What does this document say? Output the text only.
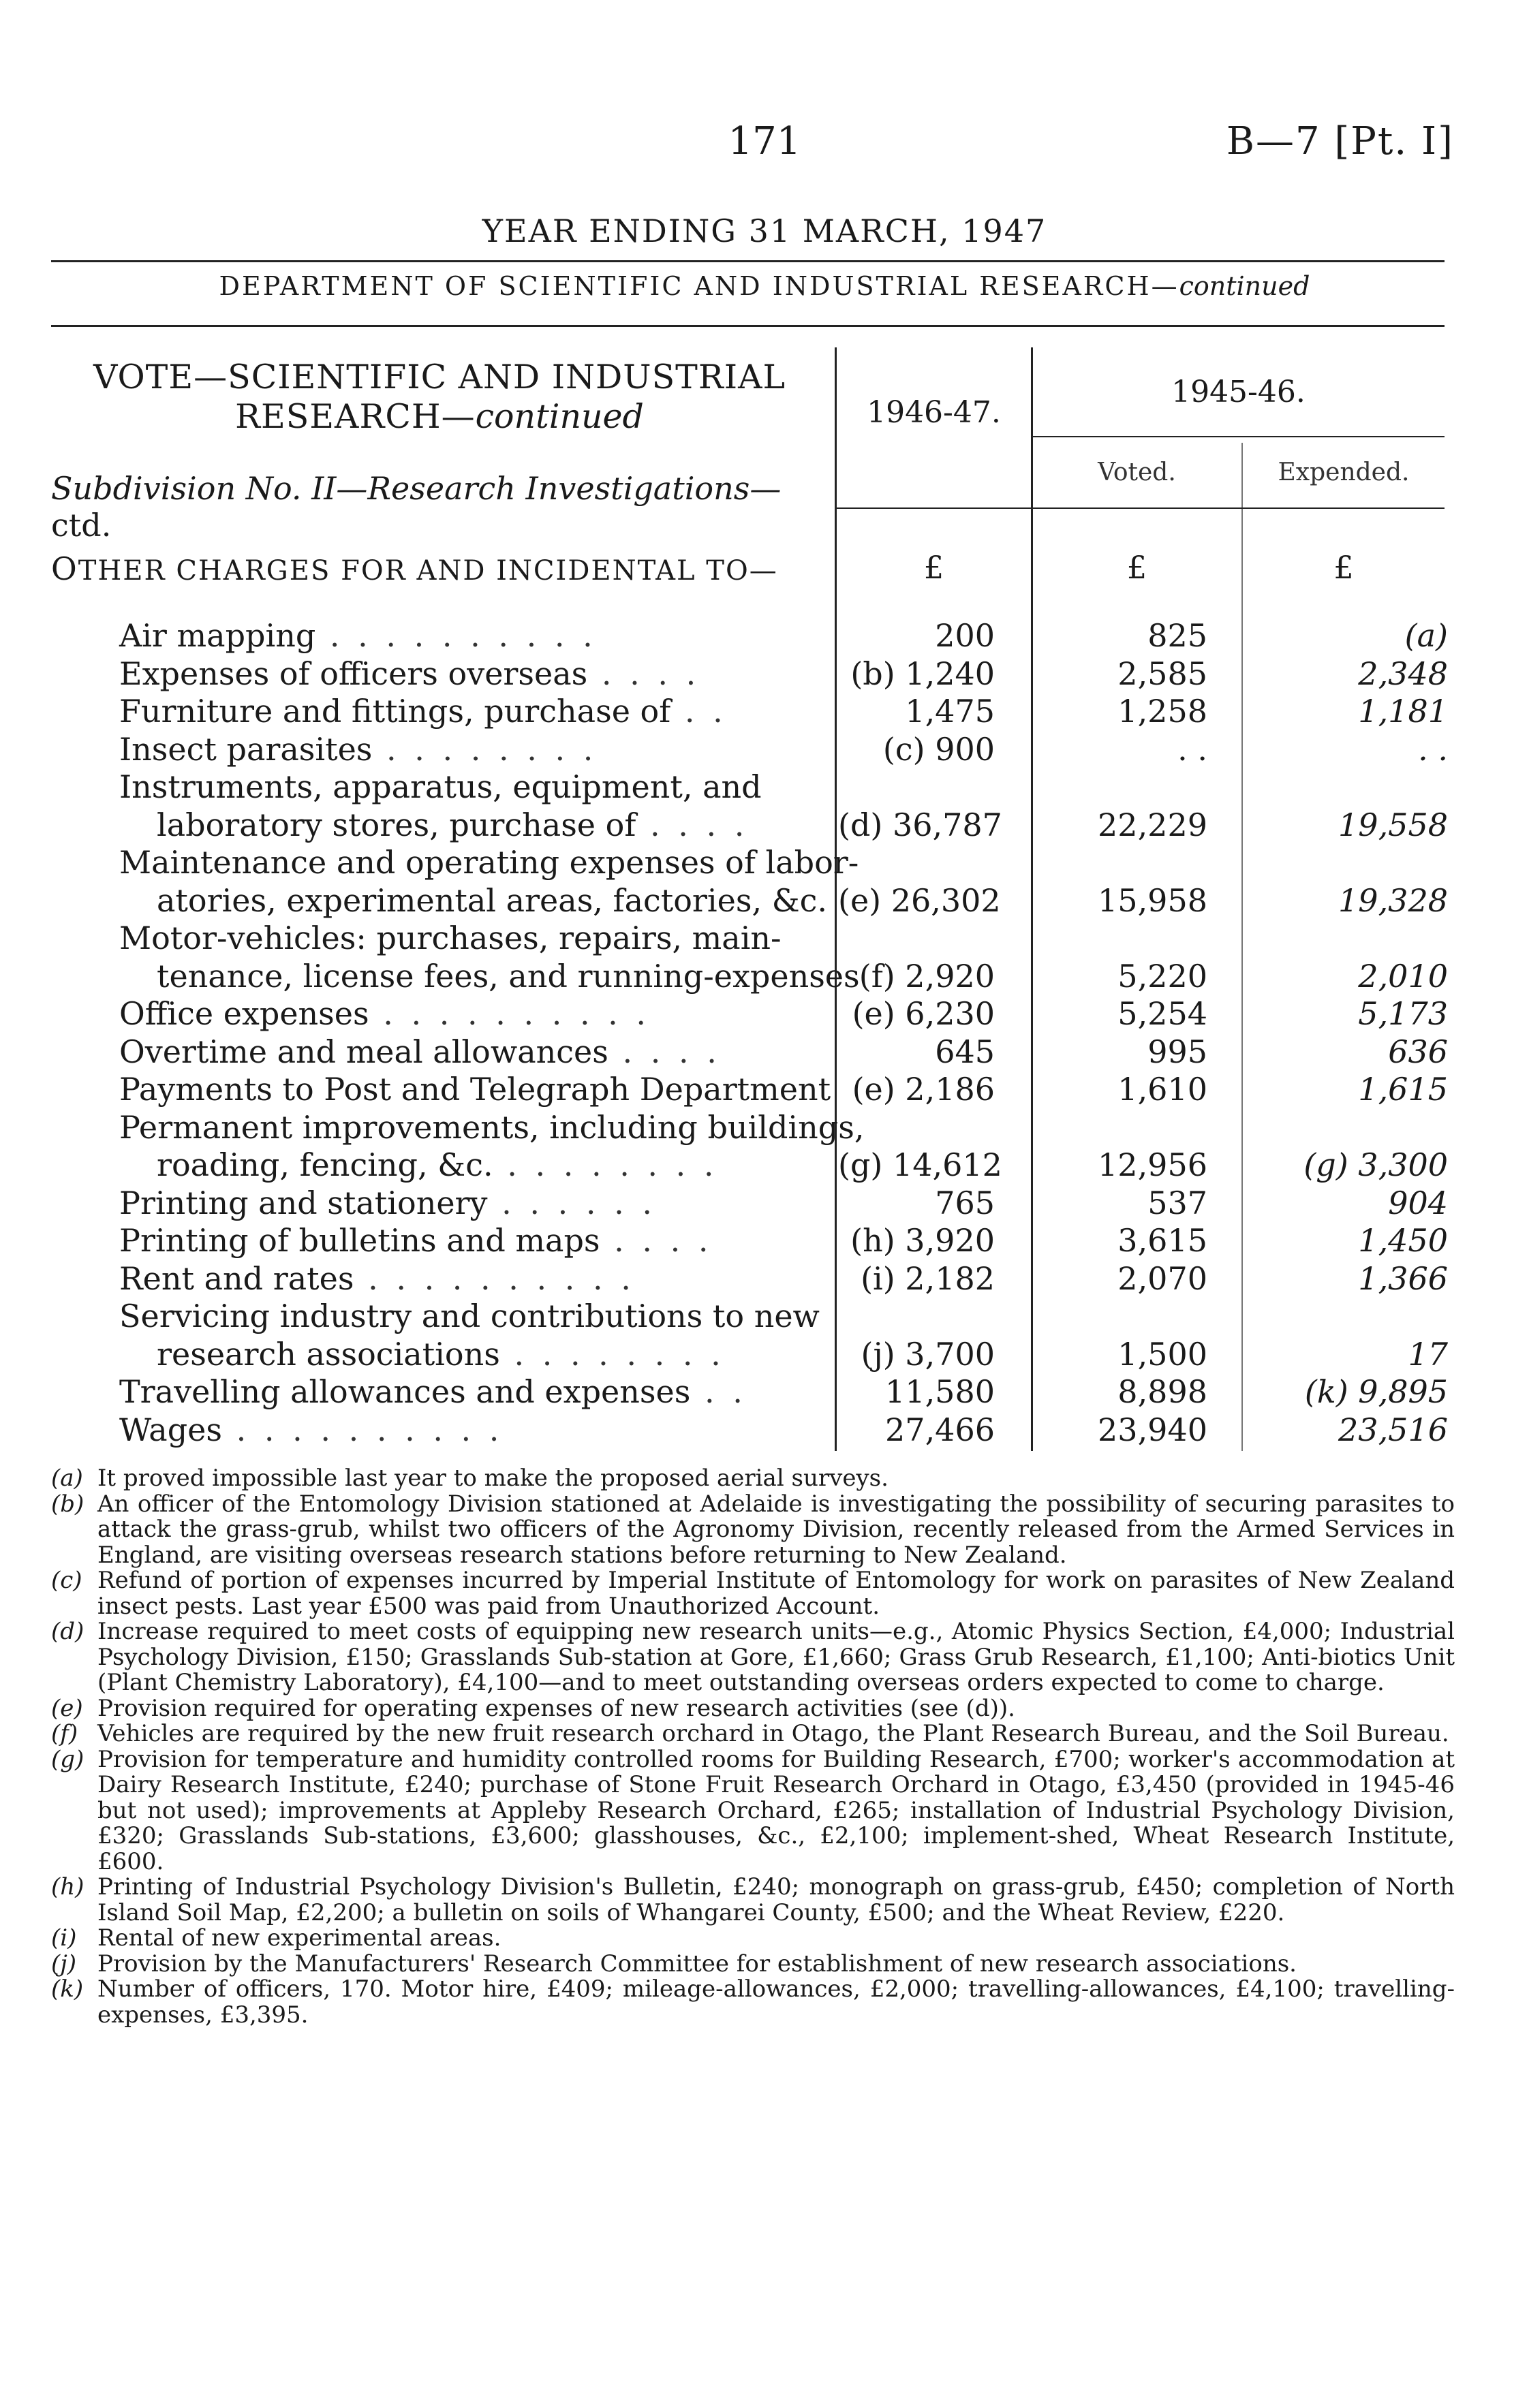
171	B—7 [Pt. I]
YEAR ENDING 31 MARCH, 1947
DEPARTMENT OF SCIENTIFIC AND INDUSTRIAL RESEARCH—continued
VOTE—SCIENTIFIC AND INDUSTRIAL
RESEARCH—continued
Subdivision No. II—Research Investigations—ctd.
1946-47.
1945-46.
Voted.	Expended.
OTHER CHARGES FOR AND INCIDENTAL TO—	£	£	£
Air mapping . . . . . . . . . .	200	825	(a)
Expenses of officers overseas . . . .	(b) 1,240	2,585	2,348
Furniture and fittings, purchase of . .	1,475	1,258	1,181
Insect parasites . . . . . . . .	(c) 900	. .	. .
Instruments, apparatus, equipment, and
laboratory stores, purchase of . . . .	(d) 36,787	22,229	19,558
Maintenance and operating expenses of labor-
atories, experimental areas, factories, &c. (e) 26,302	15,958	19,328
Motor-vehicles: purchases, repairs, main-
tenance, license fees, and running-expenses (f) 2,920	5,220	2,010
Office expenses . . . . . . . . . .	(e) 6,230	5,254	5,173
Overtime and meal allowances . . . .	645	995	636
Payments to Post and Telegraph Department (e) 2,186	1,610	1,615
Permanent improvements, including buildings,
roading, fencing, &c. . . . . . . . .	(g) 14,612	12,956	(g) 3,300
Printing and stationery . . . . . .	765	537	904
Printing of bulletins and maps . . . .	(h) 3,920	3,615	1,450
Rent and rates . . . . . . . . . .	(i) 2,182	2,070	1,366
Servicing industry and contributions to new
research associations . . . . . . . .	(j) 3,700	1,500	17
Travelling allowances and expenses . .	11,580	8,898	(k) 9,895
Wages . . . . . . . . . .	27,466	23,940	23,516
(a) It proved impossible last year to make the proposed aerial surveys.
(b) An officer of the Entomology Division stationed at Adelaide is investigating the possibility of securing parasites to attack the grass-grub, whilst two officers of the Agronomy Division, recently released from the Armed Services in England, are visiting overseas research stations before returning to New Zealand.
(c) Refund of portion of expenses incurred by Imperial Institute of Entomology for work on parasites of New Zealand insect pests. Last year £500 was paid from Unauthorized Account.
(d) Increase required to meet costs of equipping new research units—e.g., Atomic Physics Section, £4,000; Industrial Psychology Division, £150; Grasslands Sub-station at Gore, £1,660; Grass Grub Research, £1,100; Anti-biotics Unit (Plant Chemistry Laboratory), £4,100—and to meet outstanding overseas orders expected to come to charge.
(e) Provision required for operating expenses of new research activities (see (d)).
(f) Vehicles are required by the new fruit research orchard in Otago, the Plant Research Bureau, and the Soil Bureau.
(g) Provision for temperature and humidity controlled rooms for Building Research, £700; worker's accommodation at Dairy Research Institute, £240; purchase of Stone Fruit Research Orchard in Otago, £3,450 (provided in 1945-46 but not used); improvements at Appleby Research Orchard, £265; installation of Industrial Psychology Division, £320; Grasslands Sub-stations, £3,600; glasshouses, &c., £2,100; implement-shed, Wheat Research Institute, £600.
(h) Printing of Industrial Psychology Division's Bulletin, £240; monograph on grass-grub, £450; completion of North Island Soil Map, £2,200; a bulletin on soils of Whangarei County, £500; and the Wheat Review, £220.
(i) Rental of new experimental areas.
(j) Provision by the Manufacturers' Research Committee for establishment of new research associations.
(k) Number of officers, 170. Motor hire, £409; mileage-allowances, £2,000; travelling-allowances, £4,100; travelling-expenses, £3,395.
